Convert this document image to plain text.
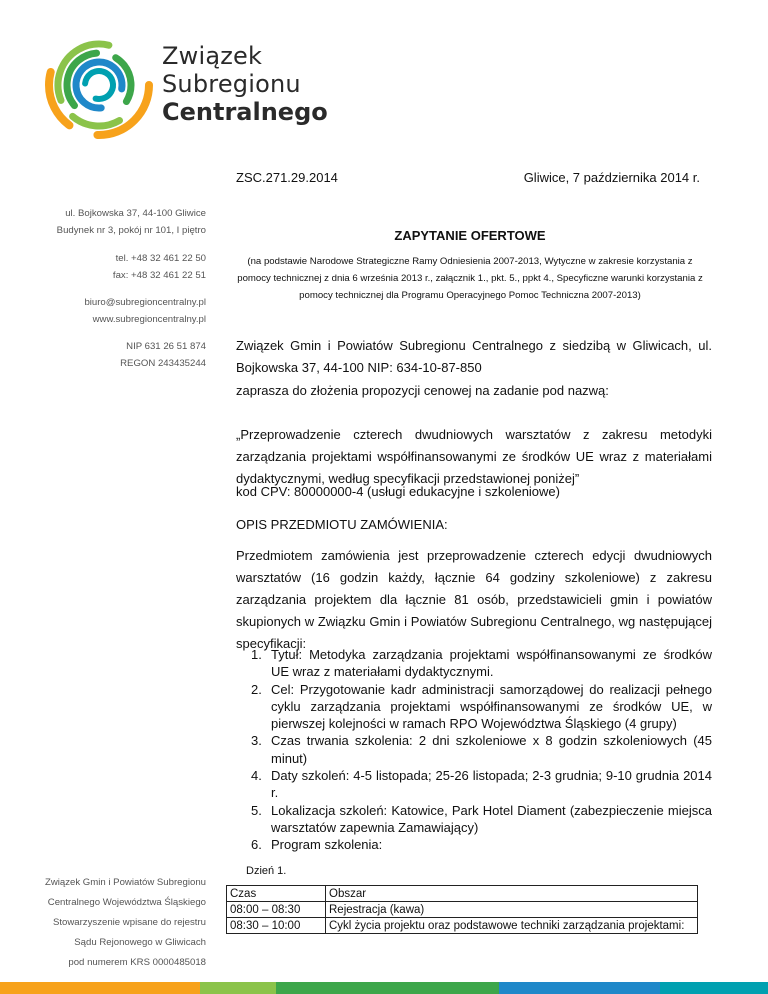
Związek
Subregionu
Centralnego
ul. Bojkowska 37, 44-100 Gliwice
Budynek nr 3, pokój nr 101, I piętro
tel. +48 32 461 22 50
fax: +48 32 461 22 51
biuro@subregioncentralny.pl
www.subregioncentralny.pl
NIP 631 26 51 874
REGON 243435244
Związek Gmin i Powiatów Subregionu
Centralnego Województwa Śląskiego
Stowarzyszenie wpisane do rejestru
Sądu Rejonowego w Gliwicach
pod numerem KRS 0000485018
ZSC.271.29.2014	Gliwice, 7 października 2014 r.
ZAPYTANIE OFERTOWE
(na podstawie Narodowe Strategiczne Ramy Odniesienia 2007-2013, Wytyczne w zakresie korzystania z pomocy technicznej z dnia 6 września 2013 r., załącznik 1., pkt. 5., ppkt 4., Specyficzne warunki korzystania z pomocy technicznej dla Programu Operacyjnego Pomoc Techniczna 2007-2013)
Związek Gmin i Powiatów Subregionu Centralnego z siedzibą w Gliwicach, ul. Bojkowska 37, 44-100 NIP: 634-10-87-850
zaprasza do złożenia propozycji cenowej na zadanie pod nazwą:
„Przeprowadzenie czterech dwudniowych warsztatów z zakresu metodyki zarządzania projektami współfinansowanymi ze środków UE wraz z materiałami dydaktycznymi, według specyfikacji przedstawionej poniżej”
kod CPV: 80000000-4 (usługi edukacyjne i szkoleniowe)
OPIS PRZEDMIOTU ZAMÓWIENIA:
Przedmiotem zamówienia jest przeprowadzenie czterech edycji dwudniowych warsztatów (16 godzin każdy, łącznie 64 godziny szkoleniowe) z zakresu zarządzania projektem dla łącznie 81 osób, przedstawicieli gmin i powiatów skupionych w Związku Gmin i Powiatów Subregionu Centralnego, wg następującej specyfikacji:
1. Tytuł: Metodyka zarządzania projektami współfinansowanymi ze środków UE wraz z materiałami dydaktycznymi.
2. Cel: Przygotowanie kadr administracji samorządowej do realizacji pełnego cyklu zarządzania projektami współfinansowanymi ze środków UE, w pierwszej kolejności w ramach RPO Województwa Śląskiego (4 grupy)
3. Czas trwania szkolenia: 2 dni szkoleniowe x 8 godzin szkoleniowych (45 minut)
4. Daty szkoleń: 4-5 listopada; 25-26 listopada; 2-3 grudnia; 9-10 grudnia 2014 r.
5. Lokalizacja szkoleń: Katowice, Park Hotel Diament (zabezpieczenie miejsca warsztatów zapewnia Zamawiający)
6. Program szkolenia:
Dzień 1.
Czas	Obszar
08:00 – 08:30	Rejestracja (kawa)
08:30 – 10:00	Cykl życia projektu oraz podstawowe techniki zarządzania projektami:
